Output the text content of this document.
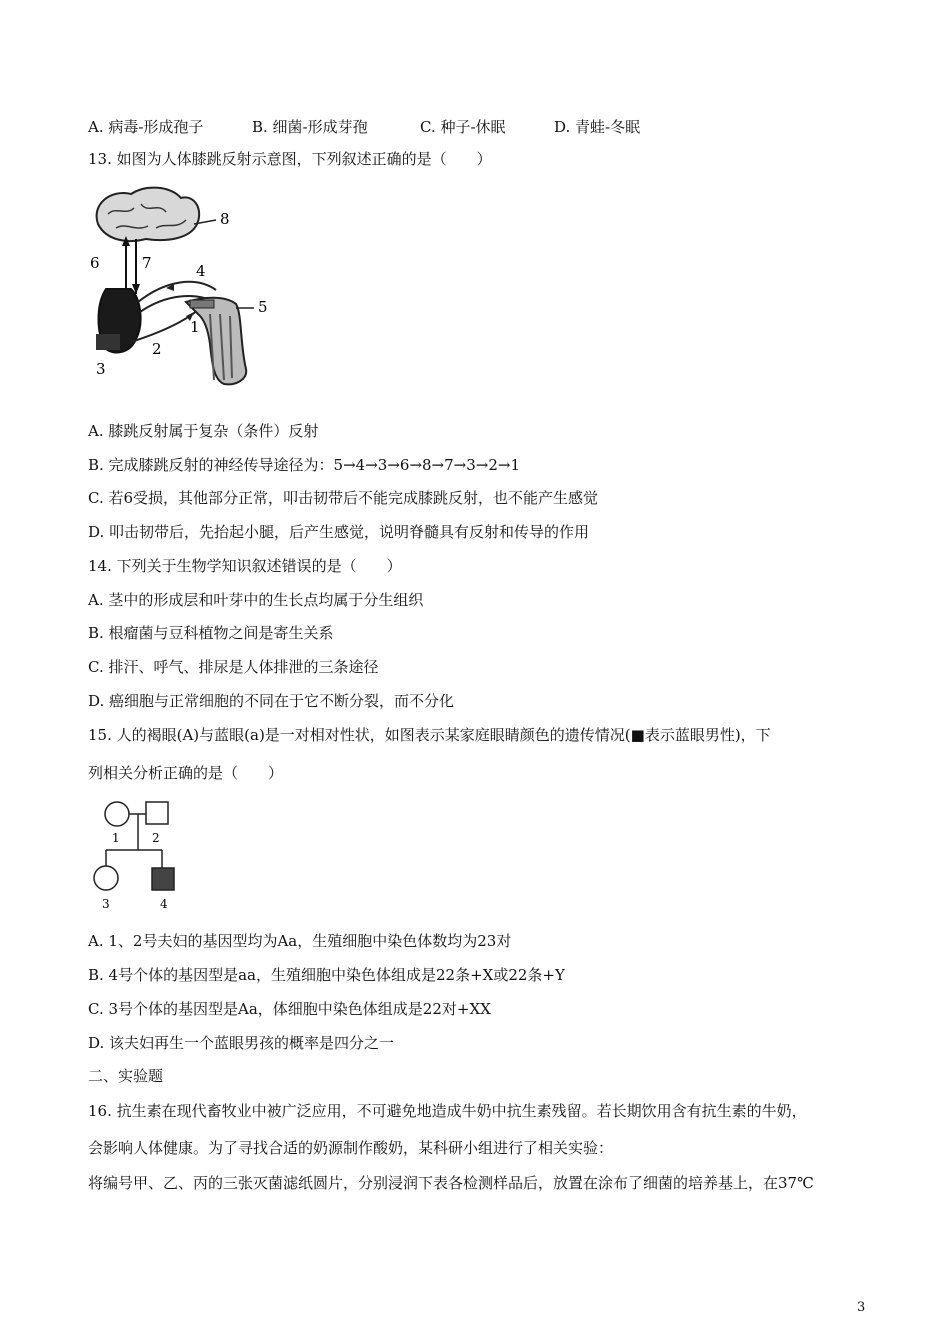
A. 病毒-形成孢子	B. 细菌-形成芽孢	C. 种子-休眠	D. 青蛙-冬眠
13. 如图为人体膝跳反射示意图，下列叙述正确的是（　　）
8
4
6	7
5
1
2
3
A. 膝跳反射属于复杂（条件）反射
B. 完成膝跳反射的神经传导途径为：5→4→3→6→8→7→3→2→1
C. 若6受损，其他部分正常，叩击韧带后不能完成膝跳反射，也不能产生感觉
D. 叩击韧带后，先抬起小腿，后产生感觉，说明脊髓具有反射和传导的作用
14. 下列关于生物学知识叙述错误的是（　　）
A. 茎中的形成层和叶芽中的生长点均属于分生组织
B. 根瘤菌与豆科植物之间是寄生关系
C. 排汗、呼气、排尿是人体排泄的三条途径
D. 癌细胞与正常细胞的不同在于它不断分裂，而不分化
15. 人的褐眼(A)与蓝眼(a)是一对相对性状，如图表示某家庭眼睛颜色的遗传情况(■表示蓝眼男性)，下
列相关分析正确的是（　　）
1	2
3	4
A. 1、2号夫妇的基因型均为Aa，生殖细胞中染色体数均为23对
B. 4号个体的基因型是aa，生殖细胞中染色体组成是22条+X或22条+Y
C. 3号个体的基因型是Aa，体细胞中染色体组成是22对+XX
D. 该夫妇再生一个蓝眼男孩的概率是四分之一
二、实验题
16. 抗生素在现代畜牧业中被广泛应用，不可避免地造成牛奶中抗生素残留。若长期饮用含有抗生素的牛奶，
会影响人体健康。为了寻找合适的奶源制作酸奶，某科研小组进行了相关实验：
将编号甲、乙、丙的三张灭菌滤纸圆片，分别浸润下表各检测样品后，放置在涂布了细菌的培养基上，在37℃
3
